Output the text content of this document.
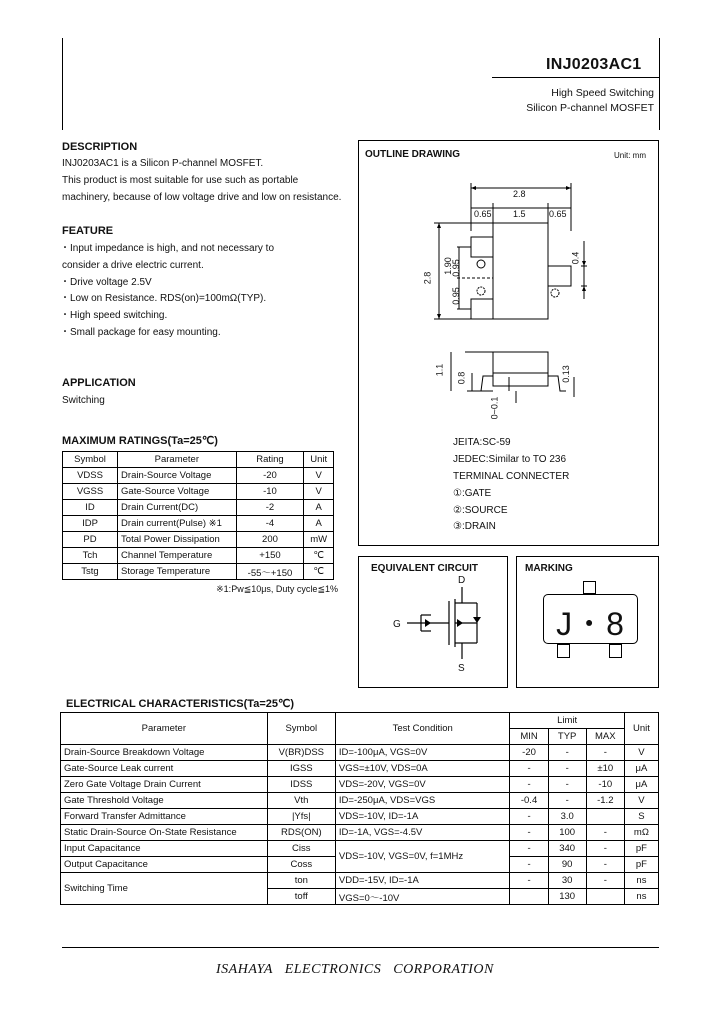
INJ0203AC1
High Speed Switching
Silicon P-channel MOSFET
DESCRIPTION
INJ0203AC1 is a Silicon P-channel MOSFET.
This product is most suitable for use such as portable
machinery, because of low voltage drive and low on resistance.
FEATURE
・Input impedance is high, and not necessary to
consider a drive electric current.
・Drive voltage 2.5V
・Low on Resistance. RDS(on)=100mΩ(TYP).
・High speed switching.
・Small package for easy mounting.
APPLICATION
Switching
MAXIMUM RATINGS(Ta=25℃)
Symbol	Parameter	Rating	Unit
VDSS	Drain-Source Voltage	-20	V
VGSS	Gate-Source Voltage	-10	V
ID	Drain Current(DC)	-2	A
IDP	Drain current(Pulse) ※1	-4	A
PD	Total Power Dissipation	200	mW
Tch	Channel Temperature	+150	℃
Tstg	Storage Temperature	-55～+150	℃
※1:Pw≦10μs, Duty cycle≦1%
OUTLINE DRAWING	Unit: mm
2.8
0.65 1.5	0.65
2.8
1.90
0.95
0.95
0.4
1.1
0.8	0.13
0~0.1
JEITA:SC-59
JEDEC:Similar to TO 236
TERMINAL CONNECTER
①:GATE
②:SOURCE
③:DRAIN
EQUIVALENT CIRCUIT
D
G
S
MARKING
J・8
ELECTRICAL CHARACTERISTICS(Ta=25℃)
Parameter	Symbol	Test Condition	Limit			Unit
			MIN	TYP	MAX	
Drain-Source Breakdown Voltage	V(BR)DSS	ID=-100μA, VGS=0V	-20	-	-	V
Gate-Source Leak current	IGSS	VGS=±10V, VDS=0A	-	-	±10	μA
Zero Gate Voltage Drain Current	IDSS	VDS=-20V, VGS=0V	-	-	-10	μA
Gate Threshold Voltage	Vth	ID=-250μA, VDS=VGS	-0.4	-	-1.2	V
Forward Transfer Admittance	|Yfs|	VDS=-10V, ID=-1A	-	3.0		S
Static Drain-Source On-State Resistance	RDS(ON)	ID=-1A, VGS=-4.5V	-	100	-	mΩ
Input Capacitance	Ciss	VDS=-10V, VGS=0V, f=1MHz	-	340	-	pF
Output Capacitance	Coss		-	90	-	pF
Switching Time	ton	VDD=-15V, ID=-1A	-	30	-	ns
	toff	VGS=0～-10V		130		ns
ISAHAYA   ELECTRONICS   CORPORATION
